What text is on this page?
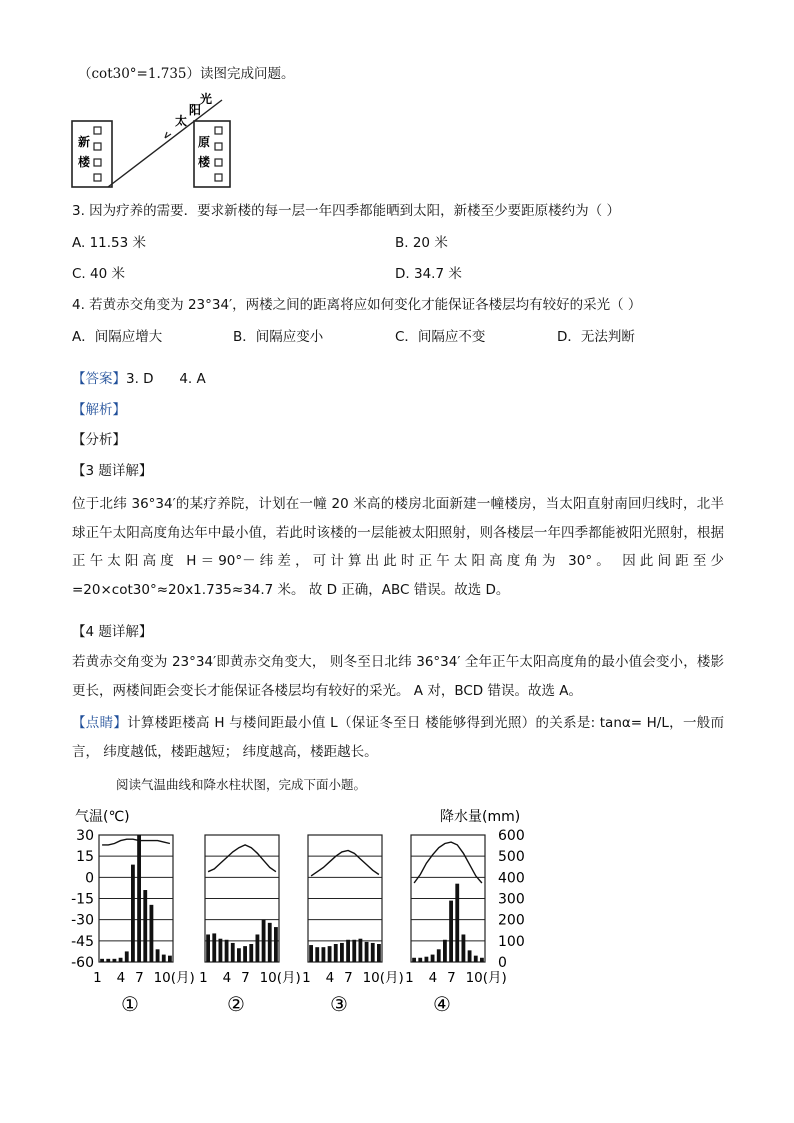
（cot30°=1.735）读图完成问题。
新
楼
原
楼
光
阳
太
3. 因为疗养的需要．要求新楼的每一层一年四季都能晒到太阳，新楼至少要距原楼约为（ ）
A. 11.53 米	B. 20 米
C. 40 米	D. 34.7 米
4. 若黄赤交角变为 23°34′，两楼之间的距离将应如何变化才能保证各楼层均有较好的采光（ ）
A．间隔应增大	B．间隔应变小	C．间隔应不变	D．无法判断
【答案】3. D      4. A
【解析】
【分析】
【3 题详解】
位于北纬 36°34′的某疗养院，计划在一幢 20 米高的楼房北面新建一幢楼房，当太阳直射南回归线时，北半球正午太阳高度角达年中最小值，若此时该楼的一层能被太阳照射，则各楼层一年四季都能被阳光照射，根据正午太阳高度 H＝90°－纬差，可计算出此时正午太阳高度角为 30°。 因此间距至少=20×cot30°≈20x1.735≈34.7 米。 故 D 正确，ABC 错误。故选 D。
【4 题详解】
若黄赤交角变为 23°34′即黄赤交角变大， 则冬至日北纬 36°34′ 全年正午太阳高度角的最小值会变小，楼影更长，两楼间距会变长才能保证各楼层均有较好的采光。 A 对，BCD 错误。故选 A。
【点睛】计算楼距楼高 H 与楼间距最小值 L（保证冬至日 楼能够得到光照）的关系是: tanα= H/L，一般而言， 纬度越低，楼距越短； 纬度越高，楼距越长。
阅读气温曲线和降水柱状图，完成下面小题。
气温(℃)	降水量(mm)
30
15
0
-15
-30
-45
-60
600
500
400
300
200
100
0
1 4 7 10(月)
①
1 4 7 10(月)
②
1 4 7 10(月)
③
1 4 7 10(月)
④
